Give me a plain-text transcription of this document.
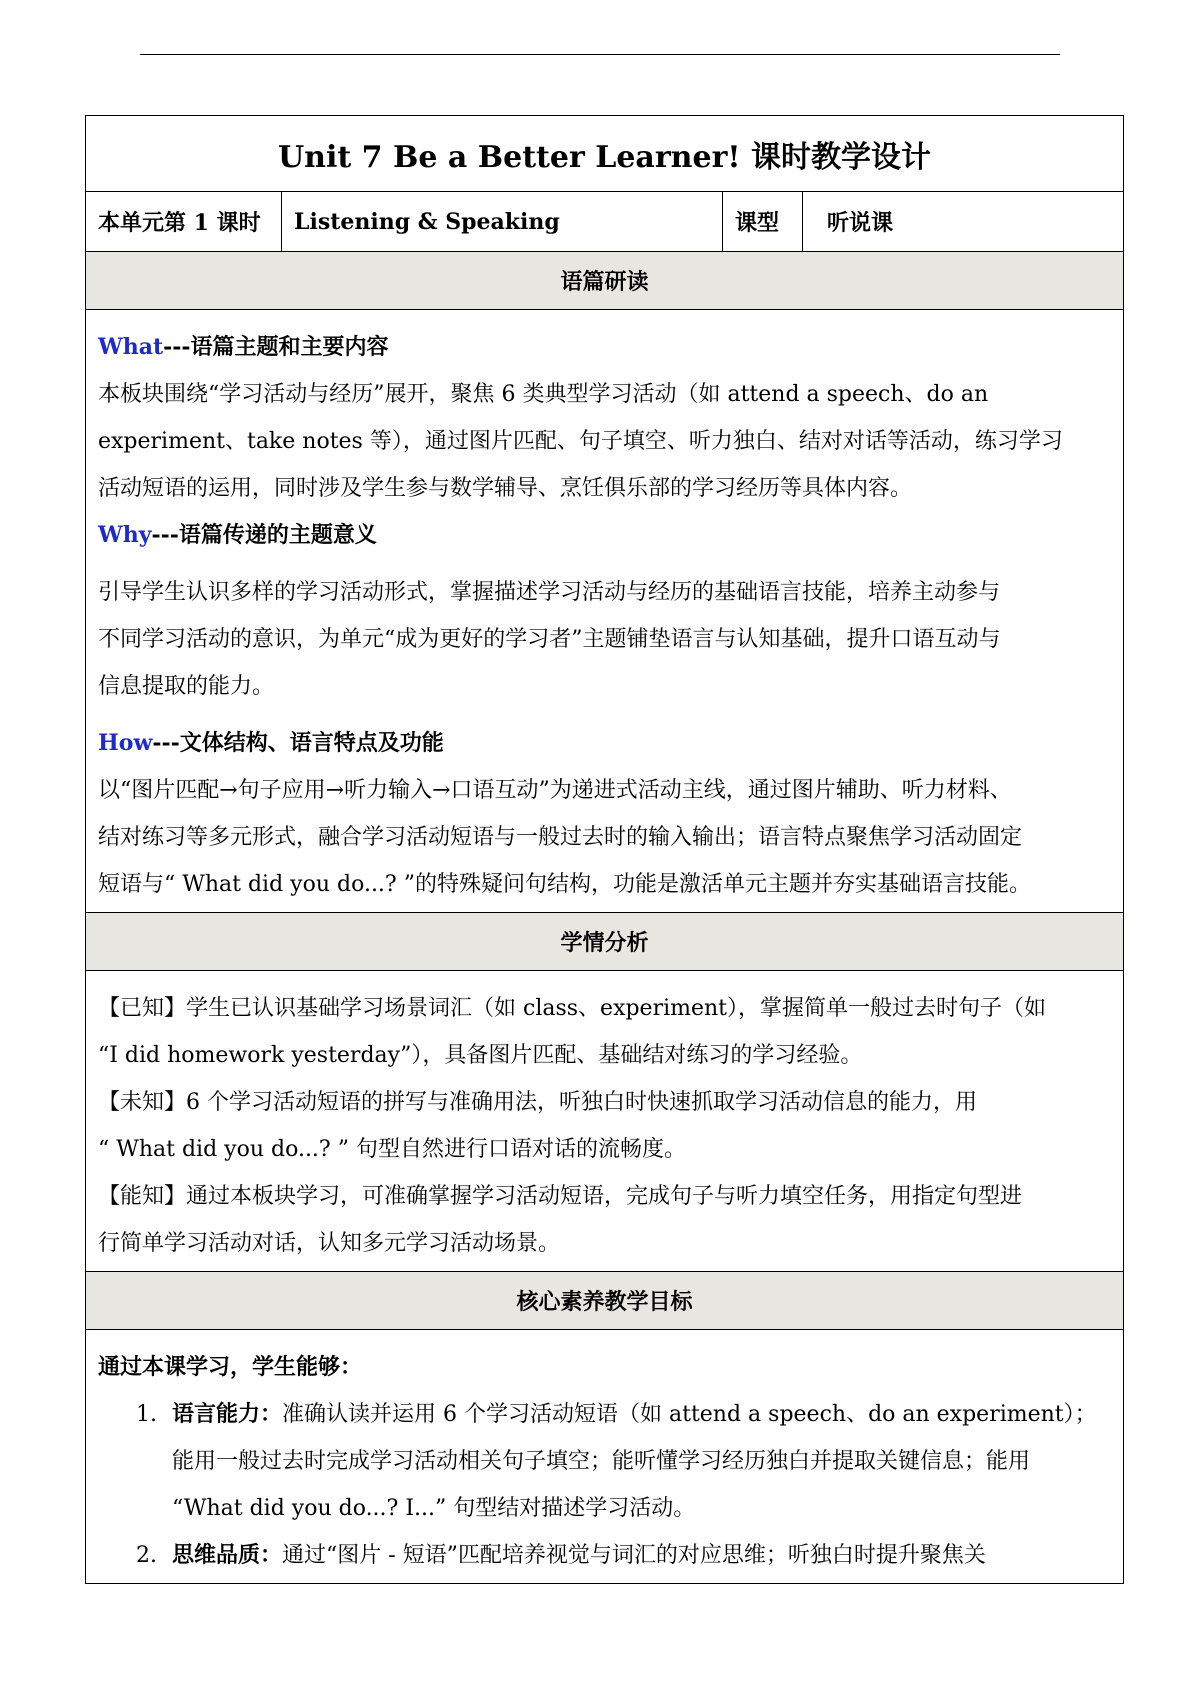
Unit 7 Be a Better Learner! 课时教学设计
本单元第 1 课时	Listening & Speaking	课型	听说课
语篇研读

What---语篇主题和主要内容

本板块围绕“学习活动与经历”展开，聚焦 6 类典型学习活动（如 attend a speech、do an

experiment、take notes 等），通过图片匹配、句子填空、听力独白、结对对话等活动，练习学习

活动短语的运用，同时涉及学生参与数学辅导、烹饪俱乐部的学习经历等具体内容。

Why---语篇传递的主题意义

引导学生认识多样的学习活动形式，掌握描述学习活动与经历的基础语言技能，培养主动参与

不同学习活动的意识，为单元“成为更好的学习者”主题铺垫语言与认知基础，提升口语互动与

信息提取的能力。

How---文体结构、语言特点及功能

以“图片匹配→句子应用→听力输入→口语互动”为递进式活动主线，通过图片辅助、听力材料、

结对练习等多元形式，融合学习活动短语与一般过去时的输入输出；语言特点聚焦学习活动固定

短语与“ What did you do...? ”的特殊疑问句结构，功能是激活单元主题并夯实基础语言技能。

学情分析

【已知】学生已认识基础学习场景词汇（如 class、experiment），掌握简单一般过去时句子（如

“I did homework yesterday”），具备图片匹配、基础结对练习的学习经验。

【未知】6 个学习活动短语的拼写与准确用法，听独白时快速抓取学习活动信息的能力，用

“ What did you do...? ” 句型自然进行口语对话的流畅度。

【能知】通过本板块学习，可准确掌握学习活动短语，完成句子与听力填空任务，用指定句型进

行简单学习活动对话，认知多元学习活动场景。

核心素养教学目标

通过本课学习，学生能够：

1. 语言能力：准确认读并运用 6 个学习活动短语（如 attend a speech、do an experiment）；

能用一般过去时完成学习活动相关句子填空；能听懂学习经历独白并提取关键信息；能用

“What did you do...? I...” 句型结对描述学习活动。

2. 思维品质：通过“图片 - 短语”匹配培养视觉与词汇的对应思维；听独白时提升聚焦关
